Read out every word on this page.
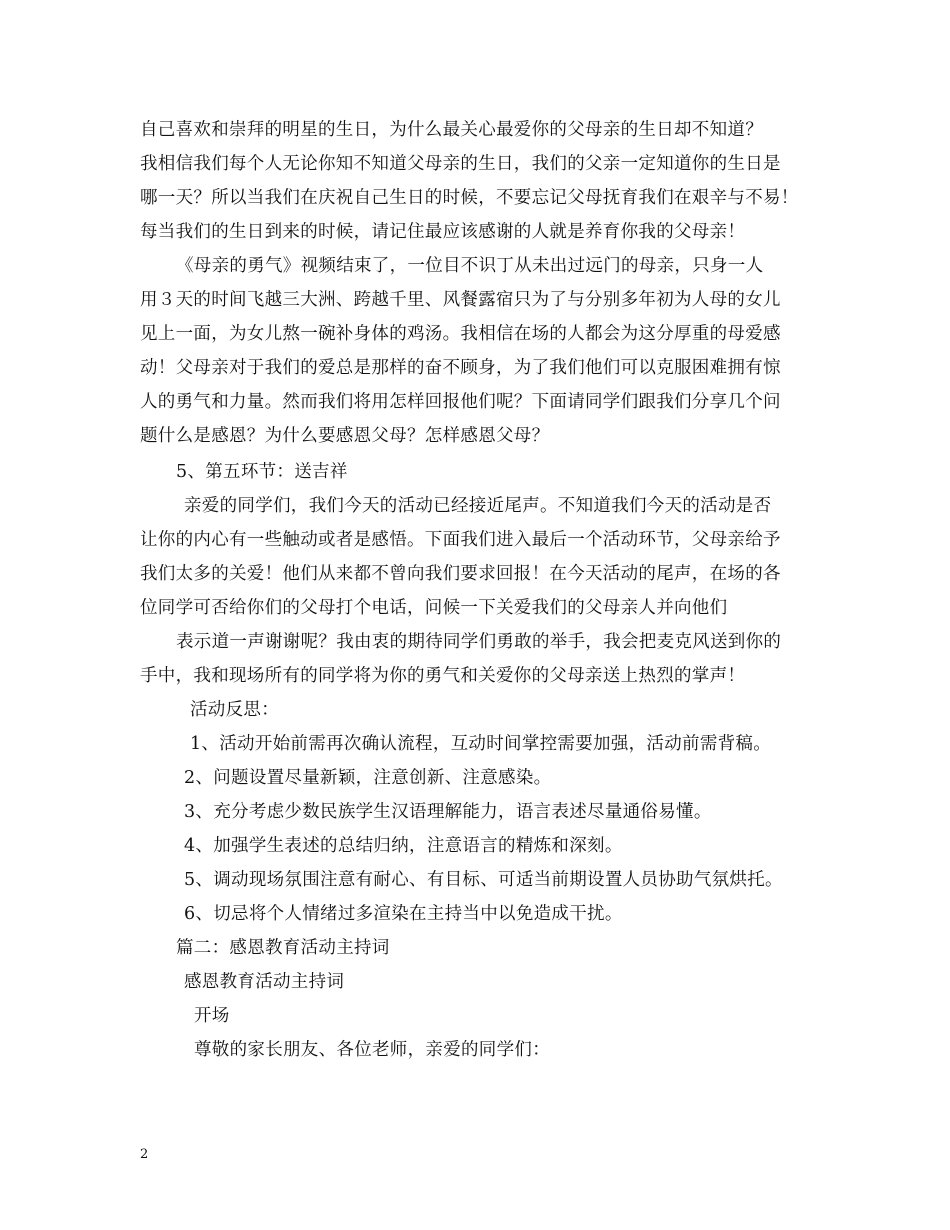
自己喜欢和崇拜的明星的生日，为什么最关心最爱你的父母亲的生日却不知道？
我相信我们每个人无论你知不知道父母亲的生日，我们的父亲一定知道你的生日是
哪一天？所以当我们在庆祝自己生日的时候，不要忘记父母抚育我们在艰辛与不易！
每当我们的生日到来的时候，请记住最应该感谢的人就是养育你我的父母亲！
《母亲的勇气》视频结束了，一位目不识丁从未出过远门的母亲，只身一人
用３天的时间飞越三大洲、跨越千里、风餐露宿只为了与分别多年初为人母的女儿
见上一面，为女儿熬一碗补身体的鸡汤。我相信在场的人都会为这分厚重的母爱感
动！父母亲对于我们的爱总是那样的奋不顾身，为了我们他们可以克服困难拥有惊
人的勇气和力量。然而我们将用怎样回报他们呢？下面请同学们跟我们分享几个问
题什么是感恩？为什么要感恩父母？怎样感恩父母？
5、第五环节：送吉祥
亲爱的同学们，我们今天的活动已经接近尾声。不知道我们今天的活动是否
让你的内心有一些触动或者是感悟。下面我们进入最后一个活动环节，父母亲给予
我们太多的关爱！他们从来都不曾向我们要求回报！在今天活动的尾声，在场的各
位同学可否给你们的父母打个电话，问候一下关爱我们的父母亲人并向他们
表示道一声谢谢呢？我由衷的期待同学们勇敢的举手，我会把麦克风送到你的
手中，我和现场所有的同学将为你的勇气和关爱你的父母亲送上热烈的掌声！
活动反思：
1、活动开始前需再次确认流程，互动时间掌控需要加强，活动前需背稿。
2、问题设置尽量新颖，注意创新、注意感染。
3、充分考虑少数民族学生汉语理解能力，语言表述尽量通俗易懂。
4、加强学生表述的总结归纳，注意语言的精炼和深刻。
5、调动现场氛围注意有耐心、有目标、可适当前期设置人员协助气氛烘托。
6、切忌将个人情绪过多渲染在主持当中以免造成干扰。
篇二：感恩教育活动主持词
感恩教育活动主持词
开场
尊敬的家长朋友、各位老师，亲爱的同学们：
2
